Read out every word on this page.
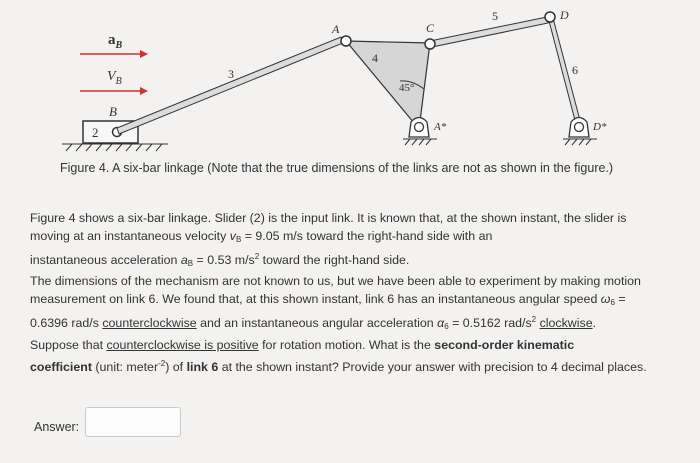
$a_B$
$V_B$
B
2
3
A
4
C
45°
5	D
6
A*	D*
Figure 4. A six-bar linkage (Note that the true dimensions of the links are not as shown in the figure.)
Figure 4 shows a six-bar linkage. Slider (2) is the input link. It is known that, at the shown instant, the slider is
moving at an instantaneous velocity $v_B = 9.05$ m/s toward the right-hand side with an
instantaneous acceleration $a_B = 0.53$ $m/s^2$ toward the right-hand side.
The dimensions of the mechanism are not known to us, but we have been able to experiment by making motion
measurement on link 6. We found that, at this shown instant, link 6 has an instantaneous angular speed $\omega_6$ =
0.6396 rad/s counterclockwise and an instantaneous angular acceleration $\alpha_6 = 0.5162$ rad/$s^2$ clockwise.
Suppose that counterclockwise is positive for rotation motion. What is the second-order kinematic
coefficient (unit: meter$^{-2}$) of link 6 at the shown instant? Provide your answer with precision to 4 decimal places.
Answer:
